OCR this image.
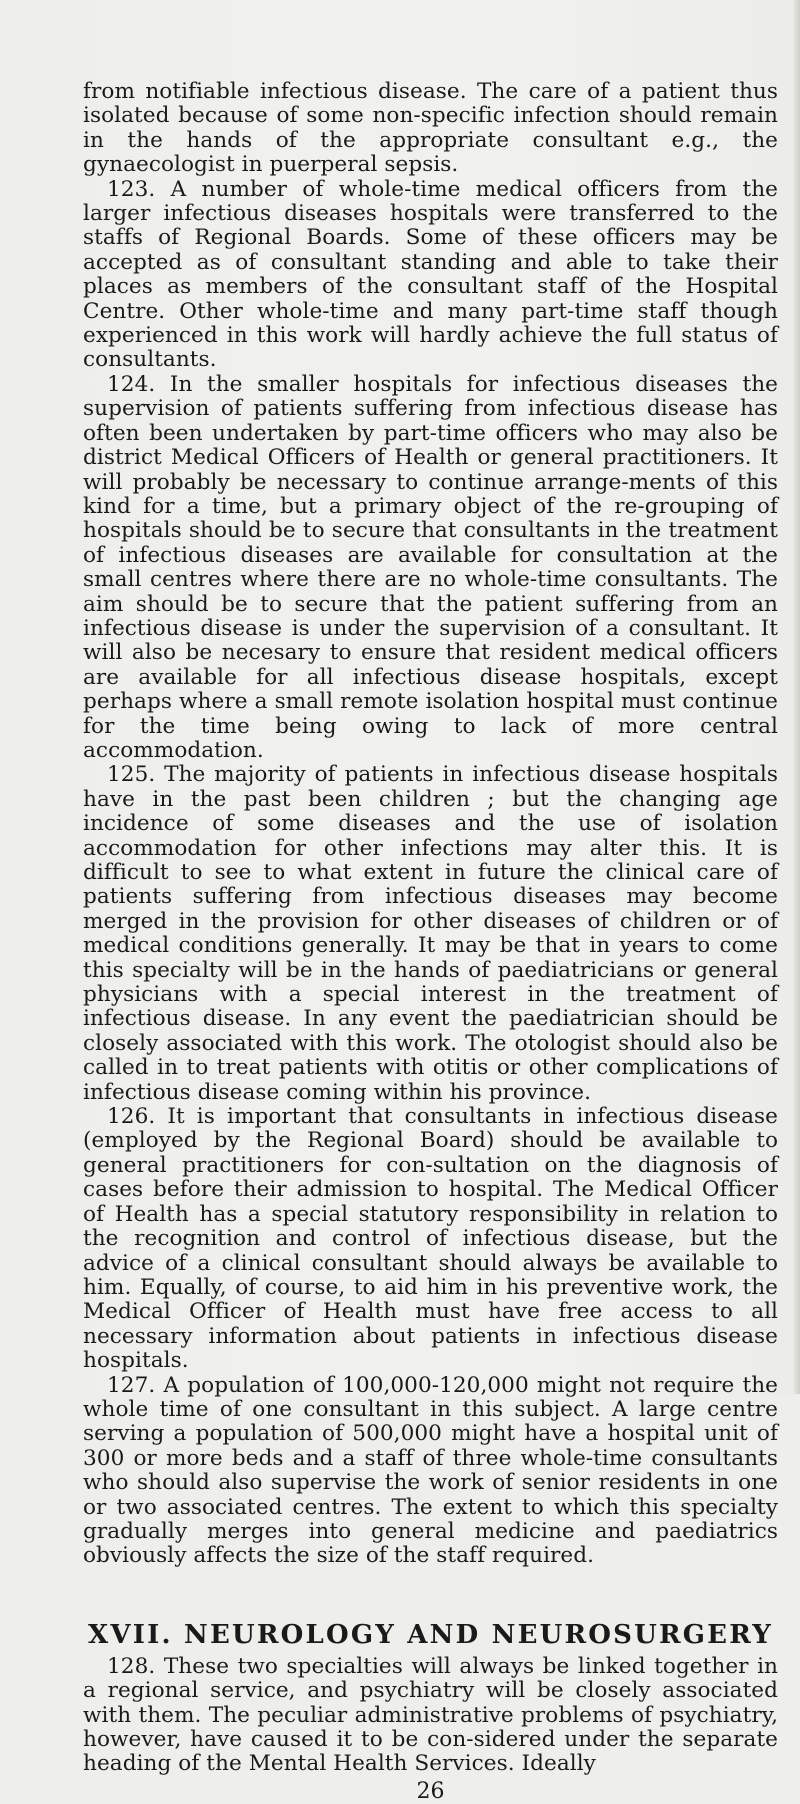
from notifiable infectious disease. The care of a patient thus isolated because of some non-specific infection should remain in the hands of the appropriate consultant e.g., the gynaecologist in puerperal sepsis.

123. A number of whole-time medical officers from the larger infectious diseases hospitals were transferred to the staffs of Regional Boards. Some of these officers may be accepted as of consultant standing and able to take their places as members of the consultant staff of the Hospital Centre. Other whole-time and many part-time staff though experienced in this work will hardly achieve the full status of consultants.

124. In the smaller hospitals for infectious diseases the supervision of patients suffering from infectious disease has often been undertaken by part-time officers who may also be district Medical Officers of Health or general practitioners. It will probably be necessary to continue arrange-ments of this kind for a time, but a primary object of the re-grouping of hospitals should be to secure that consultants in the treatment of infectious diseases are available for consultation at the small centres where there are no whole-time consultants. The aim should be to secure that the patient suffering from an infectious disease is under the supervision of a consultant. It will also be necesary to ensure that resident medical officers are available for all infectious disease hospitals, except perhaps where a small remote isolation hospital must continue for the time being owing to lack of more central accommodation.

125. The majority of patients in infectious disease hospitals have in the past been children ; but the changing age incidence of some diseases and the use of isolation accommodation for other infections may alter this. It is difficult to see to what extent in future the clinical care of patients suffering from infectious diseases may become merged in the provision for other diseases of children or of medical conditions generally. It may be that in years to come this specialty will be in the hands of paediatricians or general physicians with a special interest in the treatment of infectious disease. In any event the paediatrician should be closely associated with this work. The otologist should also be called in to treat patients with otitis or other complications of infectious disease coming within his province.

126. It is important that consultants in infectious disease (employed by the Regional Board) should be available to general practitioners for con-sultation on the diagnosis of cases before their admission to hospital. The Medical Officer of Health has a special statutory responsibility in relation to the recognition and control of infectious disease, but the advice of a clinical consultant should always be available to him. Equally, of course, to aid him in his preventive work, the Medical Officer of Health must have free access to all necessary information about patients in infectious disease hospitals.

127. A population of 100,000-120,000 might not require the whole time of one consultant in this subject. A large centre serving a population of 500,000 might have a hospital unit of 300 or more beds and a staff of three whole-time consultants who should also supervise the work of senior residents in one or two associated centres. The extent to which this specialty gradually merges into general medicine and paediatrics obviously affects the size of the staff required.

XVII. NEUROLOGY AND NEUROSURGERY

128. These two specialties will always be linked together in a regional service, and psychiatry will be closely associated with them. The peculiar administrative problems of psychiatry, however, have caused it to be con-sidered under the separate heading of the Mental Health Services. Ideally

26
